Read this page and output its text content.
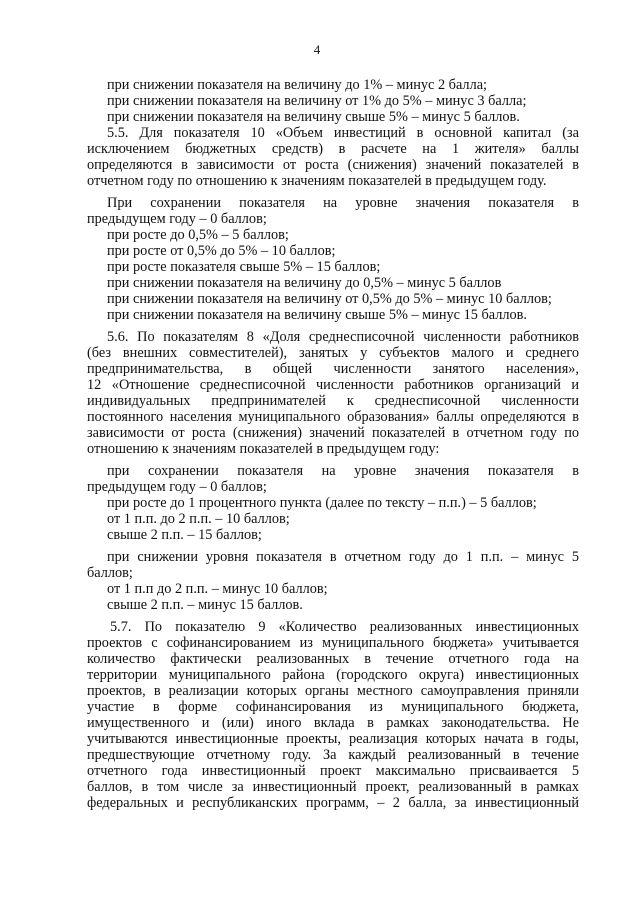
4
при снижении показателя на величину до 1% – минус 2 балла;
при снижении показателя на величину от 1% до 5% – минус 3 балла;
при снижении показателя на величину свыше 5% – минус 5 баллов.
5.5. Для показателя 10 «Объем инвестиций в основной капитал (за
исключением бюджетных средств) в расчете на 1 жителя» баллы
определяются в зависимости от роста (снижения) значений показателей в
отчетном году по отношению к значениям показателей в предыдущем году.
При сохранении показателя на уровне значения показателя в
предыдущем году – 0 баллов;
при росте до 0,5% – 5 баллов;
при росте от 0,5% до 5% – 10 баллов;
при росте показателя свыше 5% – 15 баллов;
при снижении показателя на величину до 0,5% – минус 5 баллов
при снижении показателя на величину от 0,5% до 5% – минус 10 баллов;
при снижении показателя на величину свыше 5% – минус 15 баллов.
5.6. По показателям 8 «Доля среднесписочной численности работников
(без внешних совместителей), занятых у субъектов малого и среднего
предпринимательства, в общей численности занятого населения»,
12 «Отношение среднесписочной численности работников организаций и
индивидуальных предпринимателей к среднесписочной численности
постоянного населения муниципального образования» баллы определяются в
зависимости от роста (снижения) значений показателей в отчетном году по
отношению к значениям показателей в предыдущем году:
при сохранении показателя на уровне значения показателя в
предыдущем году – 0 баллов;
при росте до 1 процентного пункта (далее по тексту – п.п.) – 5 баллов;
от 1 п.п. до 2 п.п. – 10 баллов;
свыше 2 п.п. – 15 баллов;
при снижении уровня показателя в отчетном году до 1 п.п. – минус 5
баллов;
от 1 п.п до 2 п.п. – минус 10 баллов;
свыше 2 п.п. – минус 15 баллов.
5.7. По показателю 9 «Количество реализованных инвестиционных
проектов с софинансированием из муниципального бюджета» учитывается
количество фактически реализованных в течение отчетного года на
территории муниципального района (городского округа) инвестиционных
проектов, в реализации которых органы местного самоуправления приняли
участие в форме софинансирования из муниципального бюджета,
имущественного и (или) иного вклада в рамках законодательства. Не
учитываются инвестиционные проекты, реализация которых начата в годы,
предшествующие отчетному году. За каждый реализованный в течение
отчетного года инвестиционный проект максимально присваивается 5
баллов, в том числе за инвестиционный проект, реализованный в рамках
федеральных и республиканских программ, – 2 балла, за инвестиционный
